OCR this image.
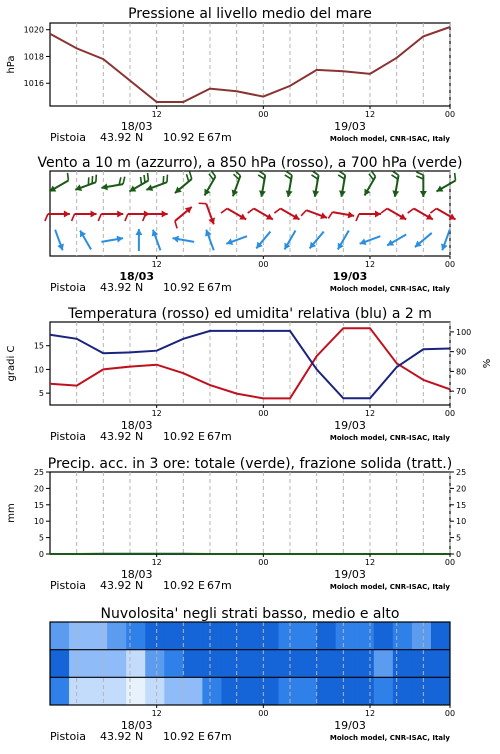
Pressione al livello medio del mare
1016
1018
1020
hPa
12	00	12	00
18/03	19/03
Pistoia 43.92 N 10.92 E 67m	Moloch model, CNR-ISAC, Italy
Vento a 10 m (azzurro), a 850 hPa (rosso), a 700 hPa (verde)
12	00	12	00
18/03	19/03
Pistoia 43.92 N 10.92 E 67m	Moloch model, CNR-ISAC, Italy
Temperatura (rosso) ed umidita' relativa (blu) a 2 m
5
10
15
gradi C
70
80
90
100
%
12	00	12	00
18/03	19/03
Pistoia 43.92 N 10.92 E 67m	Moloch model, CNR-ISAC, Italy
Precip. acc. in 3 ore: totale (verde), frazione solida (tratt.)
0
5
10
15
20
25
mm
0
5
10
15
20
25
12	00	12	00
18/03	19/03
Pistoia 43.92 N 10.92 E 67m	Moloch model, CNR-ISAC, Italy
Nuvolosita' negli strati basso, medio e alto
12	00	12	00
18/03	19/03
Pistoia 43.92 N 10.92 E 67m	Moloch model, CNR-ISAC, Italy
